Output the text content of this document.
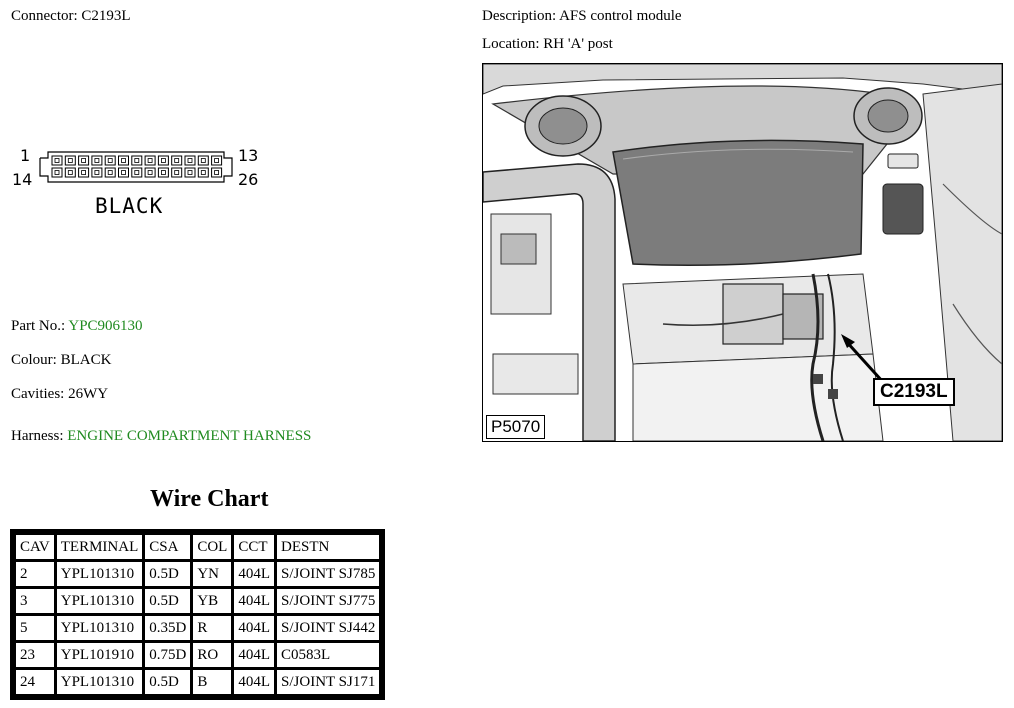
Connector: C2193L
1
14
13
26
BLACK
Part No.: YPC906130
Colour: BLACK
Cavities: 26WY
Harness: ENGINE COMPARTMENT HARNESS
Wire Chart
CAV	TERMINAL	CSA	COL	CCT	DESTN
2	YPL101310	0.5D	YN	404L	S/JOINT SJ785
3	YPL101310	0.5D	YB	404L	S/JOINT SJ775
5	YPL101310	0.35D	R	404L	S/JOINT SJ442
23	YPL101910	0.75D	RO	404L	C0583L
24	YPL101310	0.5D	B	404L	S/JOINT SJ171
Description: AFS control module
Location: RH 'A' post
P5070
C2193L
